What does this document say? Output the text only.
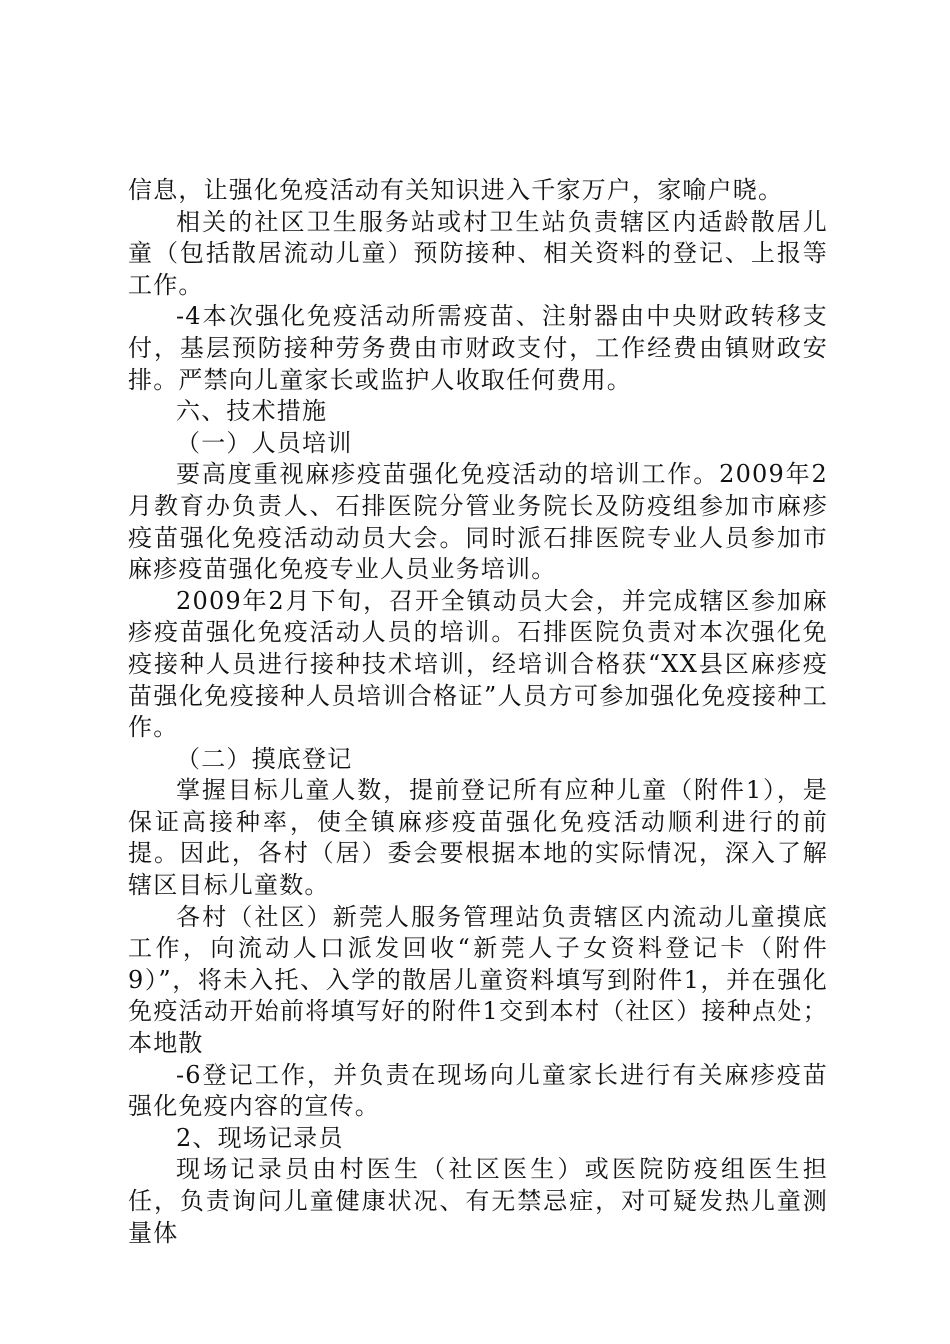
信息，让强化免疫活动有关知识进入千家万户，家喻户晓。

相关的社区卫生服务站或村卫生站负责辖区内适龄散居儿童（包括散居流动儿童）预防接种、相关资料的登记、上报等工作。

-4本次强化免疫活动所需疫苗、注射器由中央财政转移支付，基层预防接种劳务费由市财政支付，工作经费由镇财政安排。严禁向儿童家长或监护人收取任何费用。

六、技术措施

（一）人员培训

要高度重视麻疹疫苗强化免疫活动的培训工作。2009年2月教育办负责人、石排医院分管业务院长及防疫组参加市麻疹疫苗强化免疫活动动员大会。同时派石排医院专业人员参加市麻疹疫苗强化免疫专业人员业务培训。

2009年2月下旬，召开全镇动员大会，并完成辖区参加麻疹疫苗强化免疫活动人员的培训。石排医院负责对本次强化免疫接种人员进行接种技术培训，经培训合格获“XX县区麻疹疫苗强化免疫接种人员培训合格证”人员方可参加强化免疫接种工作。

（二）摸底登记

掌握目标儿童人数，提前登记所有应种儿童（附件1），是保证高接种率，使全镇麻疹疫苗强化免疫活动顺利进行的前提。因此，各村（居）委会要根据本地的实际情况，深入了解辖区目标儿童数。

各村（社区）新莞人服务管理站负责辖区内流动儿童摸底工作，向流动人口派发回收“新莞人子女资料登记卡（附件9）”，将未入托、入学的散居儿童资料填写到附件1，并在强化免疫活动开始前将填写好的附件1交到本村（社区）接种点处；本地散

-6登记工作，并负责在现场向儿童家长进行有关麻疹疫苗强化免疫内容的宣传。

2、现场记录员

现场记录员由村医生（社区医生）或医院防疫组医生担任，负责询问儿童健康状况、有无禁忌症，对可疑发热儿童测量体
